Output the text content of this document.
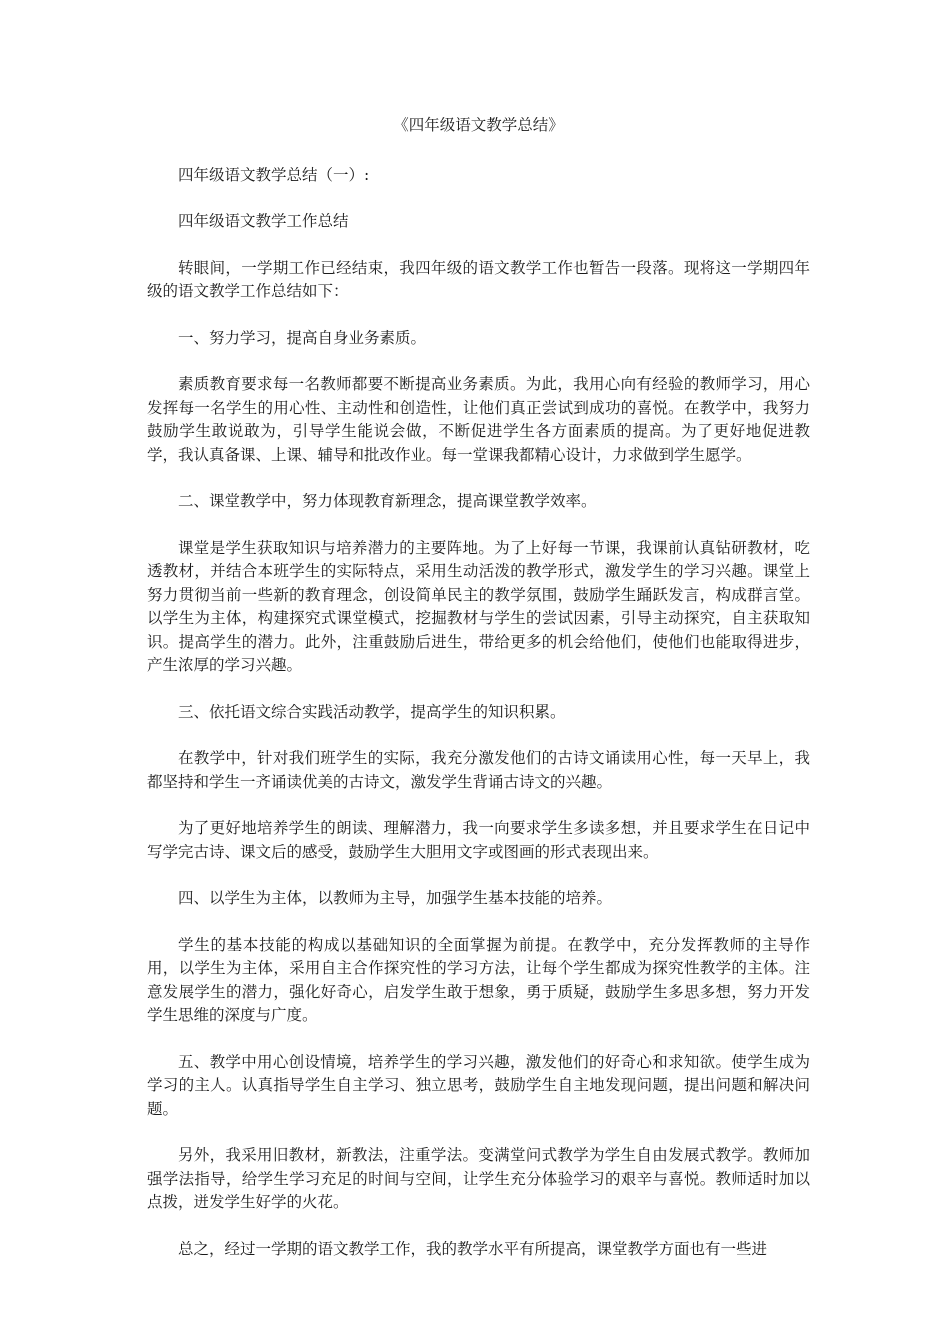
《四年级语文教学总结》

四年级语文教学总结（一）:

四年级语文教学工作总结

转眼间，一学期工作已经结束，我四年级的语文教学工作也暂告一段落。现将这一学期四年级的语文教学工作总结如下：

一、努力学习，提高自身业务素质。

素质教育要求每一名教师都要不断提高业务素质。为此，我用心向有经验的教师学习，用心发挥每一名学生的用心性、主动性和创造性，让他们真正尝试到成功的喜悦。在教学中，我努力鼓励学生敢说敢为，引导学生能说会做，不断促进学生各方面素质的提高。为了更好地促进教学，我认真备课、上课、辅导和批改作业。每一堂课我都精心设计，力求做到学生愿学。

二、课堂教学中，努力体现教育新理念，提高课堂教学效率。

课堂是学生获取知识与培养潜力的主要阵地。为了上好每一节课，我课前认真钻研教材，吃透教材，并结合本班学生的实际特点，采用生动活泼的教学形式，激发学生的学习兴趣。课堂上努力贯彻当前一些新的教育理念，创设简单民主的教学氛围，鼓励学生踊跃发言，构成群言堂。以学生为主体，构建探究式课堂模式，挖掘教材与学生的尝试因素，引导主动探究，自主获取知识。提高学生的潜力。此外，注重鼓励后进生，带给更多的机会给他们，使他们也能取得进步，产生浓厚的学习兴趣。

三、依托语文综合实践活动教学，提高学生的知识积累。

在教学中，针对我们班学生的实际，我充分激发他们的古诗文诵读用心性，每一天早上，我都坚持和学生一齐诵读优美的古诗文，激发学生背诵古诗文的兴趣。

为了更好地培养学生的朗读、理解潜力，我一向要求学生多读多想，并且要求学生在日记中写学完古诗、课文后的感受，鼓励学生大胆用文字或图画的形式表现出来。

四、以学生为主体，以教师为主导，加强学生基本技能的培养。

学生的基本技能的构成以基础知识的全面掌握为前提。在教学中，充分发挥教师的主导作用，以学生为主体，采用自主合作探究性的学习方法，让每个学生都成为探究性教学的主体。注意发展学生的潜力，强化好奇心，启发学生敢于想象，勇于质疑，鼓励学生多思多想，努力开发学生思维的深度与广度。

五、教学中用心创设情境，培养学生的学习兴趣，激发他们的好奇心和求知欲。使学生成为学习的主人。认真指导学生自主学习、独立思考，鼓励学生自主地发现问题，提出问题和解决问题。

另外，我采用旧教材，新教法，注重学法。变满堂问式教学为学生自由发展式教学。教师加强学法指导，给学生学习充足的时间与空间，让学生充分体验学习的艰辛与喜悦。教师适时加以点拨，迸发学生好学的火花。

总之，经过一学期的语文教学工作，我的教学水平有所提高，课堂教学方面也有一些进
